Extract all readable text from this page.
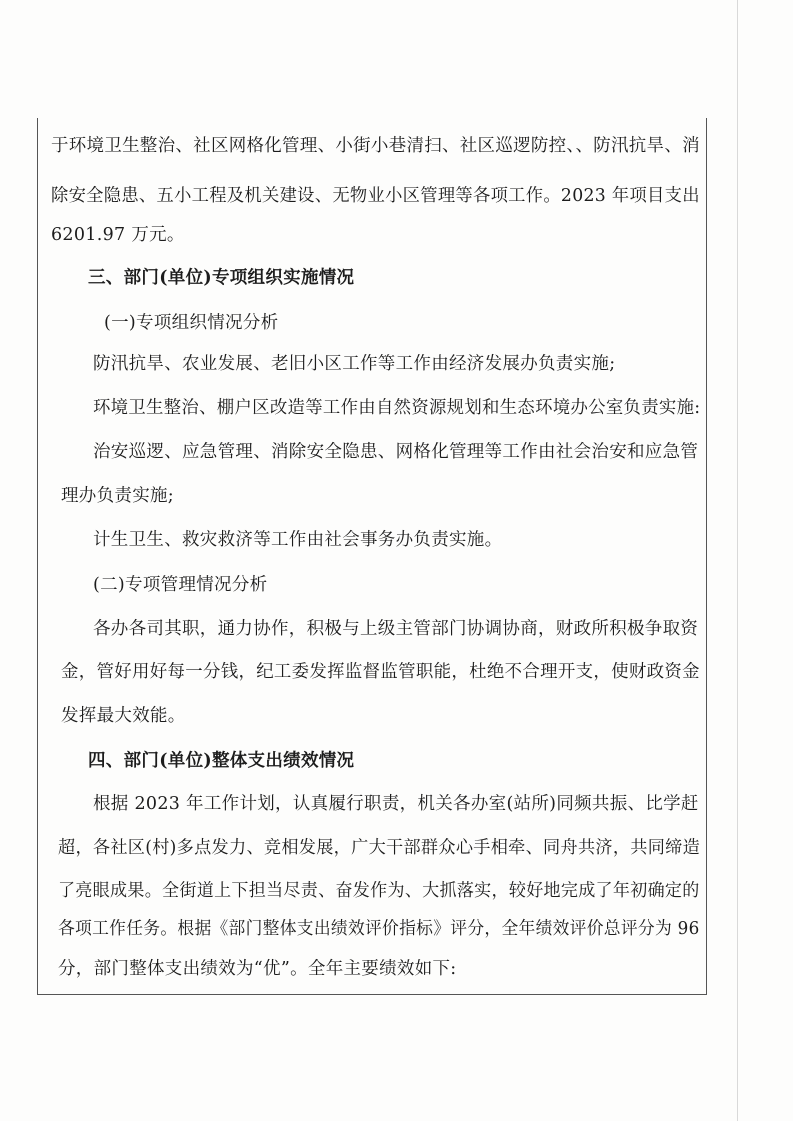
于环境卫生整治、社区网格化管理、小街小巷清扫、社区巡逻防控、、防汛抗旱、消
除安全隐患、五小工程及机关建设、无物业小区管理等各项工作。2023 年项目支出
6201.97 万元。
三、部门(单位)专项组织实施情况
(一)专项组织情况分析
防汛抗旱、农业发展、老旧小区工作等工作由经济发展办负责实施;
环境卫生整治、棚户区改造等工作由自然资源规划和生态环境办公室负责实施:
治安巡逻、应急管理、消除安全隐患、网格化管理等工作由社会治安和应急管
理办负责实施;
计生卫生、救灾救济等工作由社会事务办负责实施。
(二)专项管理情况分析
各办各司其职，通力协作，积极与上级主管部门协调协商，财政所积极争取资
金，管好用好每一分钱，纪工委发挥监督监管职能，杜绝不合理开支，使财政资金
发挥最大效能。
四、部门(单位)整体支出绩效情况
根据 2023 年工作计划，认真履行职责，机关各办室(站所)同频共振、比学赶
超，各社区(村)多点发力、竞相发展，广大干部群众心手相牵、同舟共济，共同缔造
了亮眼成果。全街道上下担当尽责、奋发作为、大抓落实，较好地完成了年初确定的
各项工作任务。根据《部门整体支出绩效评价指标》评分，全年绩效评价总评分为 96
分，部门整体支出绩效为“优”。全年主要绩效如下:
